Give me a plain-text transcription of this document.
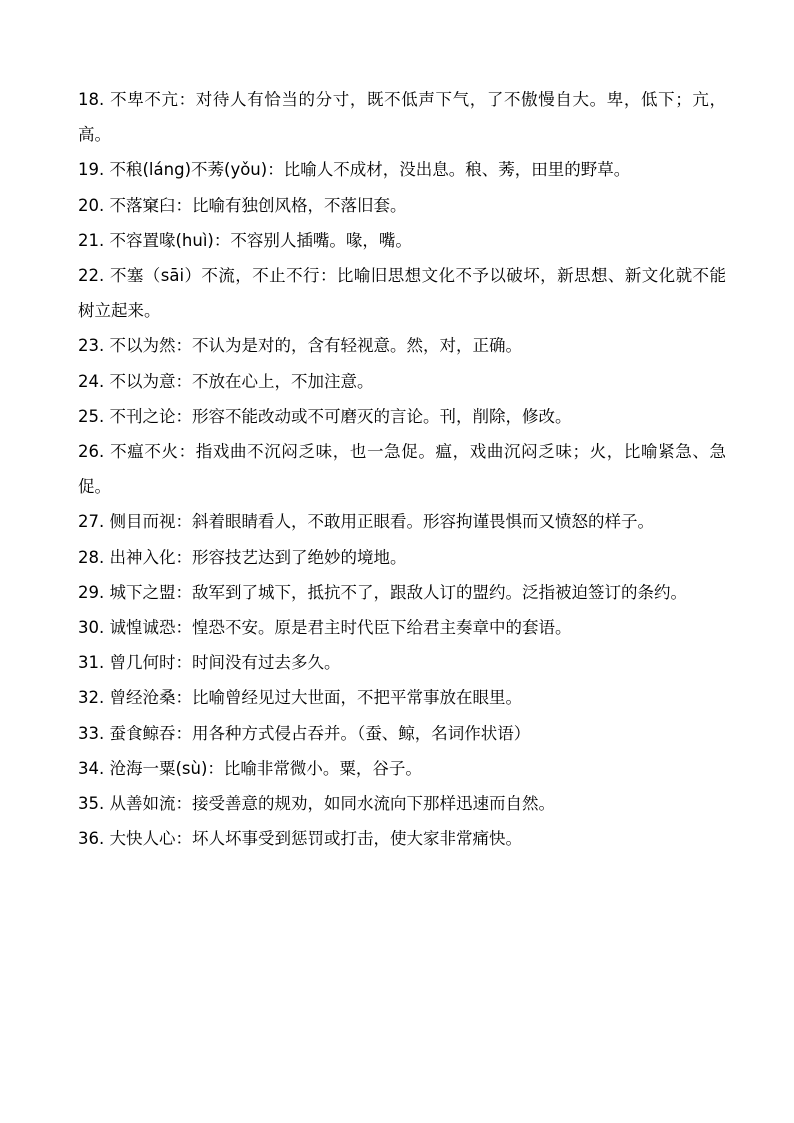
18. 不卑不亢：对待人有恰当的分寸，既不低声下气，了不傲慢自大。卑，低下；亢，高。
19. 不稂(láng)不莠(yǒu)：比喻人不成材，没出息。稂、莠，田里的野草。
20. 不落窠臼：比喻有独创风格，不落旧套。
21. 不容置喙(huì)：不容别人插嘴。喙，嘴。
22. 不塞（sāi）不流，不止不行：比喻旧思想文化不予以破坏，新思想、新文化就不能树立起来。
23. 不以为然：不认为是对的，含有轻视意。然，对，正确。
24. 不以为意：不放在心上，不加注意。
25. 不刊之论：形容不能改动或不可磨灭的言论。刊，削除，修改。
26. 不瘟不火：指戏曲不沉闷乏味，也一急促。瘟，戏曲沉闷乏味；火，比喻紧急、急促。
27. 侧目而视：斜着眼睛看人，不敢用正眼看。形容拘谨畏惧而又愤怒的样子。
28. 出神入化：形容技艺达到了绝妙的境地。
29. 城下之盟：敌军到了城下，抵抗不了，跟敌人订的盟约。泛指被迫签订的条约。
30. 诚惶诚恐：惶恐不安。原是君主时代臣下给君主奏章中的套语。
31. 曾几何时：时间没有过去多久。
32. 曾经沧桑：比喻曾经见过大世面，不把平常事放在眼里。
33. 蚕食鲸吞：用各种方式侵占吞并。（蚕、鲸，名词作状语）
34. 沧海一粟(sù)：比喻非常微小。粟，谷子。
35. 从善如流：接受善意的规劝，如同水流向下那样迅速而自然。
36. 大快人心：坏人坏事受到惩罚或打击，使大家非常痛快。
